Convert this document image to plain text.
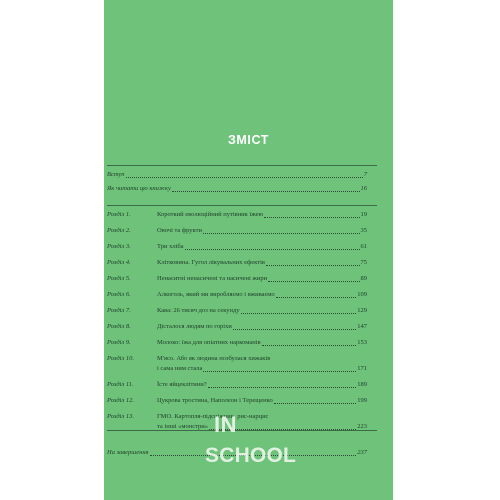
ЗМІСТ
Вступ	7
Як читати цю книжку	16
Розділ 1.	Короткий еволюційний путівник їжею	19
Розділ 2.	Овочі та фрукти	35
Розділ 3.	Три хліба	61
Розділ 4.	Клітковина. Гугол лікувальних ефектів	75
Розділ 5.	Ненаситні ненасичені та насичені жири	89
Розділ 6.	Алкоголь, який ми виробляємо і вживаємо	109
Розділ 7.	Кава: 26 тисяч доз на секунду	129
Розділ 8.	Дісталося людям по горіхи	147
Розділ 9.	Молоко: їжа для опіатних наркоманів	153
Розділ 10.	М'ясо. Або як людина позбулася хижаків
і сама ним стала	171
Розділ 11.	Їсте яйцеклітини?	189
Розділ 12.	Цукрова тростина, Наполеон і Терещенко	199
Розділ 13.	ГМО. Картопля-підсніжник, рис-нарцис
та інші «монстри»	223
На завершення	237
IN
SCHOOL
